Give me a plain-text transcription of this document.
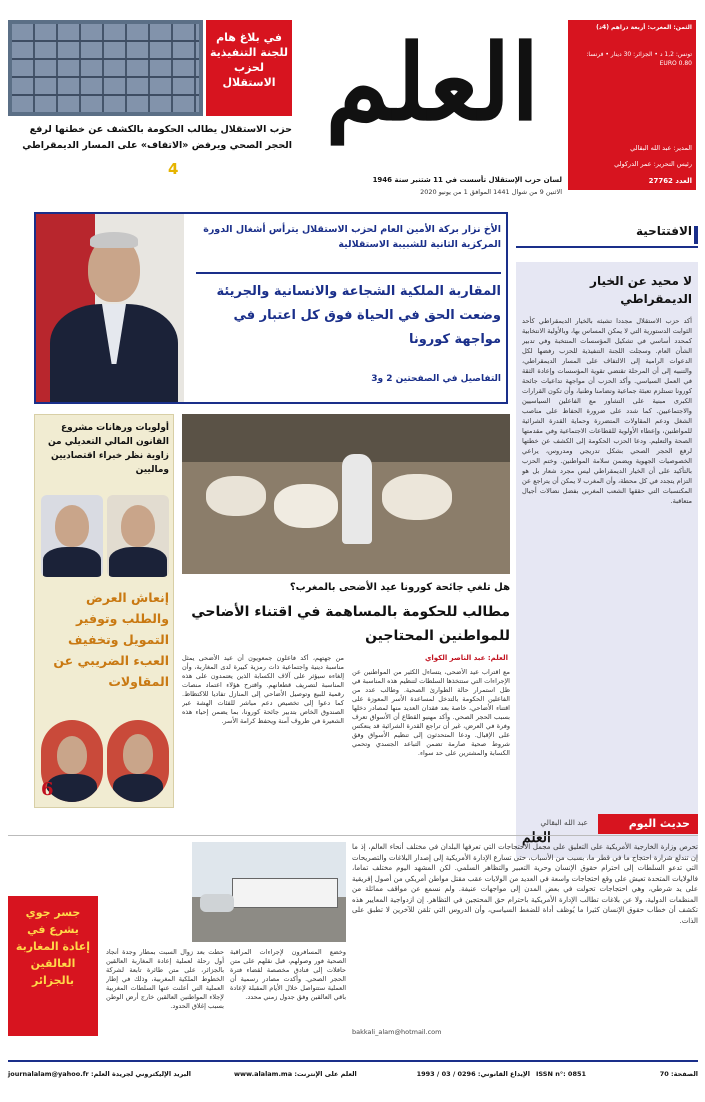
الثمن: المغرب: أربعة دراهم (4د)
تونس: 1,2 د • الجزائر: 30 دينار • فرنسا: 0.80 EURO
المدير: عبد الله البقالي
رئيس التحرير: عمر الدركولي
العدد 27762
العلم
لسان حزب الإستقلال تأسست في 11 شتنبر سنة 1946
الاثنين 9 من شوال 1441 الموافق 1 من يونيو 2020
في بلاغ هام للجنة التنفيذية لحزب الاستقلال
حزب الاستقلال يطالب الحكومة بالكشف عن خطتها لرفع الحجر الصحي ويرفض «الاتفاف» على المسار الديمقراطي
4
الأخ نزار بركة الأمين العام لحزب الاستقلال يترأس أشغال الدورة المركزية الثانية للشبيبة الاستقلالية
المقاربة الملكية الشجاعة والانسانية والجريئة وضعت الحق في الحياة فوق كل اعتبار في مواجهة كورونا
التفاصيل في الصفحتين 2 و3
الافتتاحية
لا محيد عن الخيار الديمقراطي
أكد حزب الاستقلال مجددا تشبثه بالخيار الديمقراطي كأحد الثوابت الدستورية التي لا يمكن المساس بها، وبالأولية الانتخابية كمحدد أساسي في تشكيل المؤسسات المنتخبة وفي تدبير الشأن العام. وسجلت اللجنة التنفيذية للحزب رفضها لكل الدعوات الرامية إلى الالتفاف على المسار الديمقراطي، والتنبيه إلى أن المرحلة تقتضي تقوية المؤسسات وإعادة الثقة في العمل السياسي. وأكد الحزب أن مواجهة تداعيات جائحة كورونا تستلزم تعبئة جماعية وتضامنا وطنيا، وأن تكون القرارات الكبرى مبنية على التشاور مع الفاعلين السياسيين والاجتماعيين. كما شدد على ضرورة الحفاظ على مناصب الشغل ودعم المقاولات المتضررة وحماية القدرة الشرائية للمواطنين، وإعطاء الأولوية للقطاعات الاجتماعية وفي مقدمتها الصحة والتعليم. ودعا الحزب الحكومة إلى الكشف عن خطتها لرفع الحجر الصحي بشكل تدريجي ومدروس، يراعي الخصوصيات الجهوية ويضمن سلامة المواطنين. وختم الحزب بالتأكيد على أن الخيار الديمقراطي ليس مجرد شعار بل هو التزام يتجدد في كل محطة، وأن المغرب لا يمكن أن يتراجع عن المكتسبات التي حققها الشعب المغربي بفضل نضالات أجيال متعاقبة.
العلم
أولويات ورهانات مشروع القانون المالي التعديلي من زاوية نظر خبراء اقتصاديين وماليين
إنعاش العرض والطلب وتوفير التمويل وتخفيف العبء الضريبي عن المقاولات
6
هل تلغي جائحة كورونا عيد الأضحى بالمغرب؟
مطالب للحكومة بالمساهمة في اقتناء الأضاحي للمواطنين المحتاجين
العلم: عبد الناصر الكواي
مع اقتراب عيد الأضحى، يتساءل الكثير من المواطنين عن الإجراءات التي ستتخذها السلطات لتنظيم هذه المناسبة في ظل استمرار حالة الطوارئ الصحية. وطالب عدد من الفاعلين الحكومة بالتدخل لمساعدة الأسر المعوزة على اقتناء الأضاحي، خاصة بعد فقدان العديد منها لمصادر دخلها بسبب الحجر الصحي. وأكد مهنيو القطاع أن الأسواق تعرف وفرة في العرض، غير أن تراجع القدرة الشرائية قد ينعكس على الإقبال. ودعا المتحدثون إلى تنظيم الأسواق وفق شروط صحية صارمة تضمن التباعد الجسدي وتحمي الكسابة والمشترين على حد سواء.
من جهتهم، أكد فاعلون جمعويون أن عيد الأضحى يمثل مناسبة دينية واجتماعية ذات رمزية كبيرة لدى المغاربة، وأن إلغاءه سيؤثر على آلاف الكسابة الذين يعتمدون على هذه المناسبة لتصريف قطعانهم. واقترح هؤلاء اعتماد منصات رقمية للبيع وتوصيل الأضاحي إلى المنازل تفاديا للاكتظاظ. كما دعوا إلى تخصيص دعم مباشر للفئات الهشة عبر الصندوق الخاص بتدبير جائحة كورونا، بما يضمن إحياء هذه الشعيرة في ظروف آمنة ويحفظ كرامة الأسر.
حديث اليوم
عبد الله البقالي
تحرص وزارة الخارجية الأمريكية على التعليق على مجمل الاحتجاجات التي تعرفها البلدان في مختلف أنحاء العالم، إذ ما إن تندلع شرارة احتجاج ما في قطر ما، بسبب من الأسباب، حتى تسارع الإدارة الأمريكية إلى إصدار البلاغات والتصريحات التي تدعو السلطات إلى احترام حقوق الإنسان وحرية التعبير والتظاهر السلمي. لكن المشهد اليوم مختلف تماما، فالولايات المتحدة تعيش على وقع احتجاجات واسعة في العديد من الولايات عقب مقتل مواطن أمريكي من أصول إفريقية على يد شرطي، وهي احتجاجات تحولت في بعض المدن إلى مواجهات عنيفة. ولم نسمع عن مواقف مماثلة من المنظمات الدولية، ولا عن بلاغات تطالب الإدارة الأمريكية باحترام حق المحتجين في التظاهر. إن ازدواجية المعايير هذه تكشف أن خطاب حقوق الإنسان كثيرا ما يُوظف أداة للضغط السياسي، وأن الدروس التي تلقن للآخرين لا تطبق على الذات.
bakkali_alam@hotmail.com
حطت بعد زوال السبت بمطار وجدة أنجاد أول رحلة لعملية إعادة المغاربة العالقين بالجزائر، على متن طائرة تابعة لشركة الخطوط الملكية المغربية، وذلك في إطار العملية التي أعلنت عنها السلطات المغربية لإجلاء المواطنين العالقين خارج أرض الوطن بسبب إغلاق الحدود.
وخضع المسافرون لإجراءات المراقبة الصحية فور وصولهم، قبل نقلهم على متن حافلات إلى فنادق مخصصة لقضاء فترة الحجر الصحي. وأكدت مصادر رسمية أن العملية ستتواصل خلال الأيام المقبلة لإعادة باقي العالقين وفق جدول زمني محدد.
جسر جوي يشرع في إعادة المغاربة العالقين بالجزائر
البريد الإليكتروني لجريدة العلم: journalalam@yahoo.fr	العلم على الإنترنت: www.alalam.ma	الإيداع القانوني: 0296 / 03 / 1993 ISSN n°: 0851	الصفحة: 70
